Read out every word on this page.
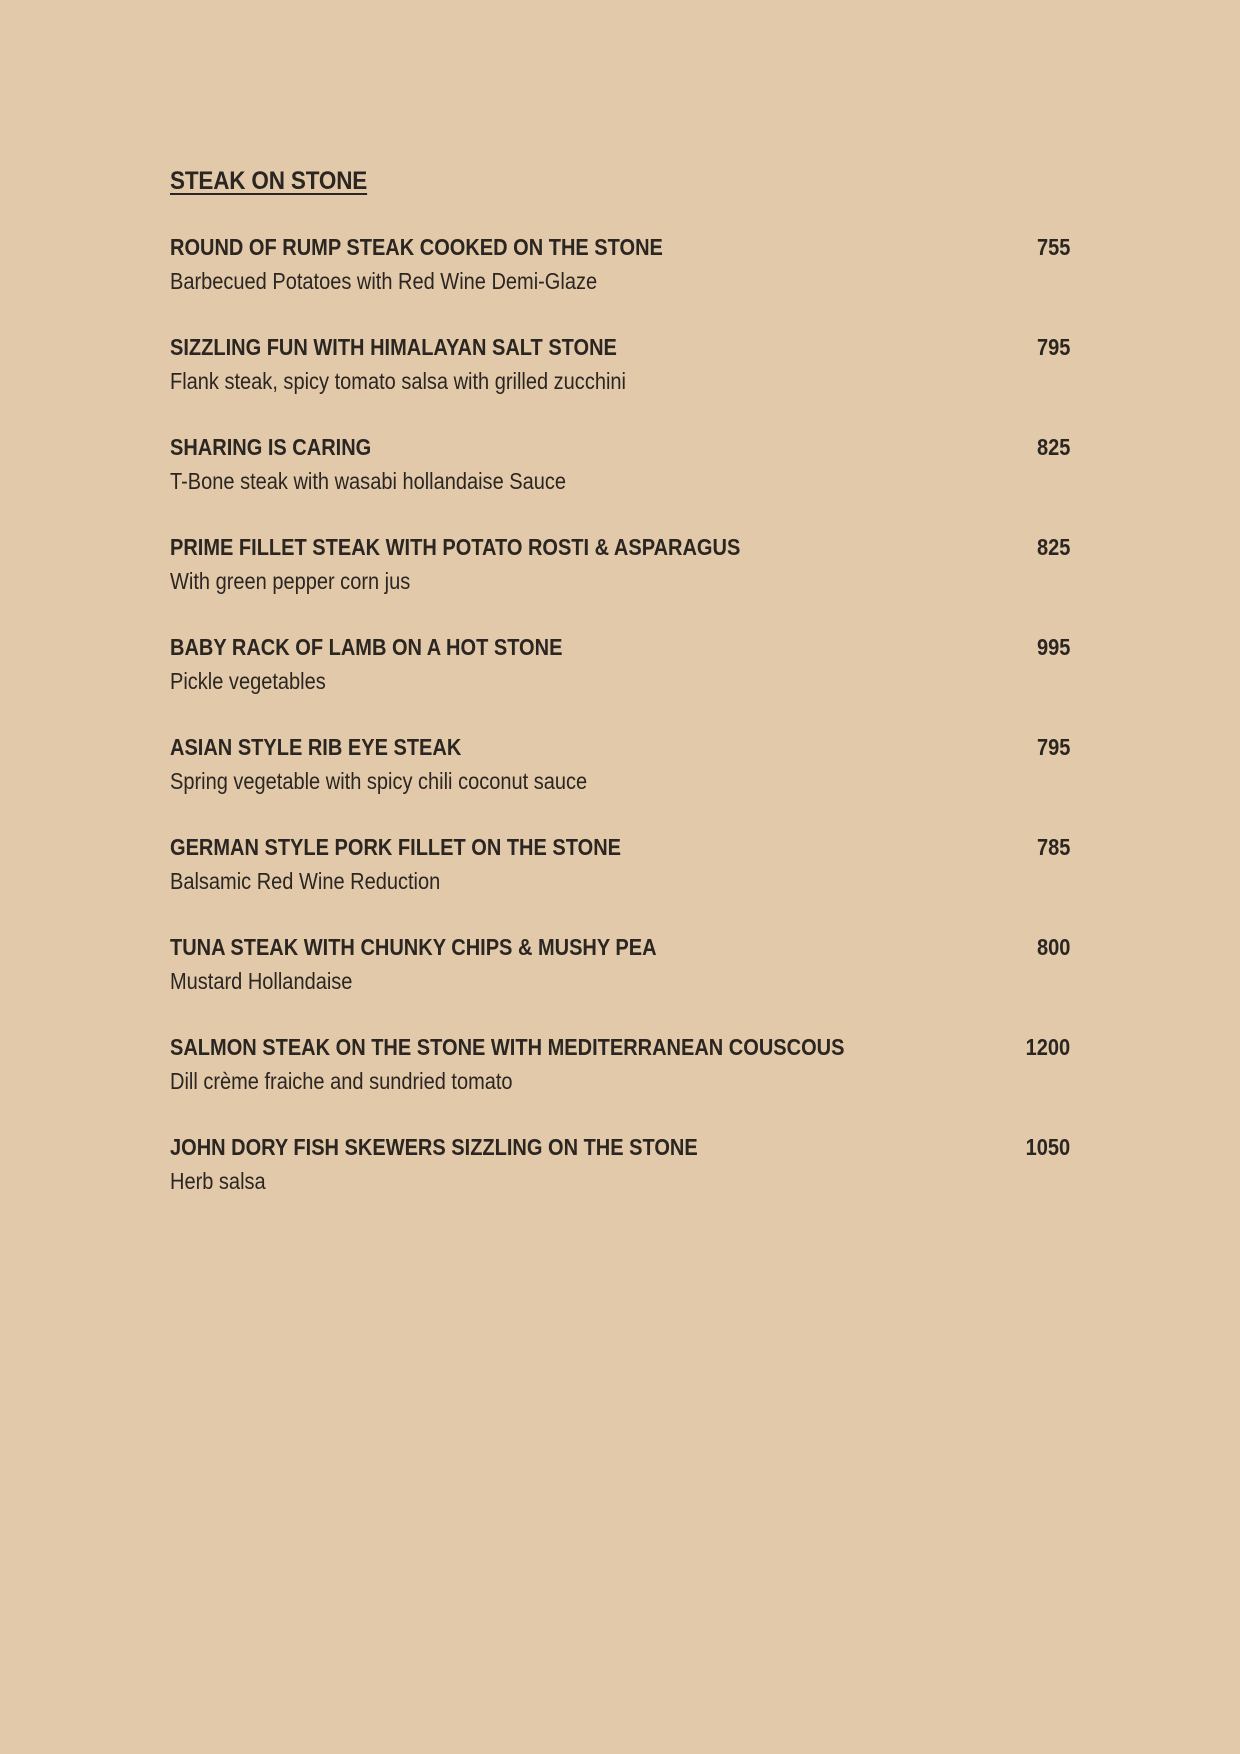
STEAK ON STONE
ROUND OF RUMP STEAK COOKED ON THE STONE	755
Barbecued Potatoes with Red Wine Demi-Glaze
SIZZLING FUN WITH HIMALAYAN SALT STONE	795
Flank steak, spicy tomato salsa with grilled zucchini
SHARING IS CARING	825
T-Bone steak with wasabi hollandaise Sauce
PRIME FILLET STEAK WITH POTATO ROSTI & ASPARAGUS	825
With green pepper corn jus
BABY RACK OF LAMB ON A HOT STONE	995
Pickle vegetables
ASIAN STYLE RIB EYE STEAK	795
Spring vegetable with spicy chili coconut sauce
GERMAN STYLE PORK FILLET ON THE STONE	785
Balsamic Red Wine Reduction
TUNA STEAK WITH CHUNKY CHIPS & MUSHY PEA	800
Mustard Hollandaise
SALMON STEAK ON THE STONE WITH MEDITERRANEAN COUSCOUS	1200
Dill crème fraiche and sundried tomato
JOHN DORY FISH SKEWERS SIZZLING ON THE STONE	1050
Herb salsa
